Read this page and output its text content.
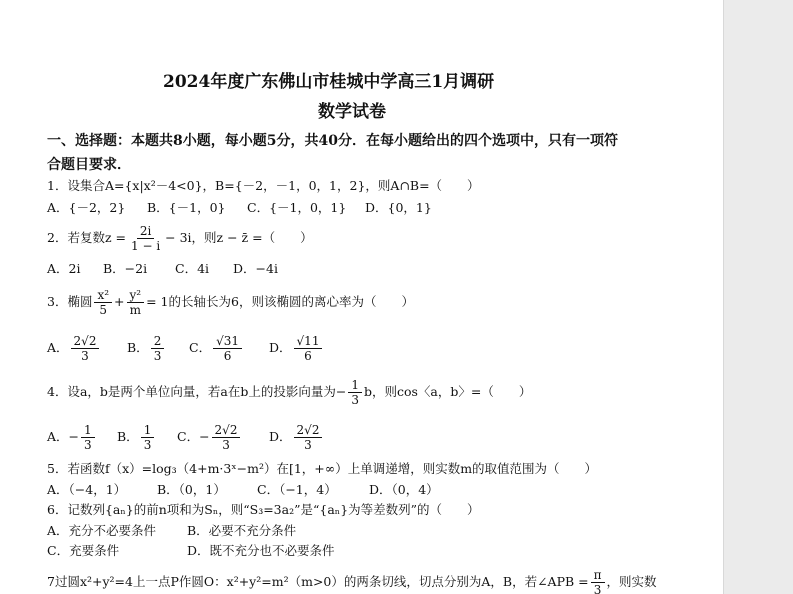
2024年度广东佛山市桂城中学高三1月调研
数学试卷
一、选择题：本题共8小题，每小题5分，共40分．在每小题给出的四个选项中，只有一项符
合题目要求．
1．设集合A={x|x²－4<0}，B={－2，－1，0，1，2}，则A∩B=（　　）
A．{－2，2} B．{－1，0} C．{－1，0，1} D．{0，1}
2．若复数$z = \frac{2i}{1 - i} - 3i$，则z − z̄ =（　　）
A．2i B．−2i C．4i D．−4i
3．椭圆 $\frac{\text{x²}}{5} + \frac{\text{y²}}{m} = 1$的长轴长为6，则该椭圆的离心率为（　　）
A． $\frac{2√2}{3}$ B． $\frac{2}{3}$ C． $\frac{√31}{6}$ D． $\frac{√11}{6}$
4．设a，b是两个单位向量，若a在b上的投影向量为− $\frac{1}{3}$ b，则cos〈a，b〉=（　　）
A．− $\frac{1}{3}$ B． $\frac{1}{3}$ C．− $\frac{2√2}{3}$ D． $\frac{2√2}{3}$
5．若函数f（x）=log₃（4+m·3ˣ−m²）在[1，+∞）上单调递增，则实数m的取值范围为（　　）
A．（−4，1） B．（0，1） C．（−1，4）	D．（0，4）
6．记数列{aₙ}的前n项和为Sₙ，则“S₃=3a₂”是“{aₙ}为等差数列”的（　　）
A．充分不必要条件 B．必要不充分条件
C．充要条件	D．既不充分也不必要条件
7过圆x²+y²=4上一点P作圆O：x²+y²=m²（m>0）的两条切线，切点分别为A，B，若∠APB = $\frac{\pi}{3}$ ，则实数
